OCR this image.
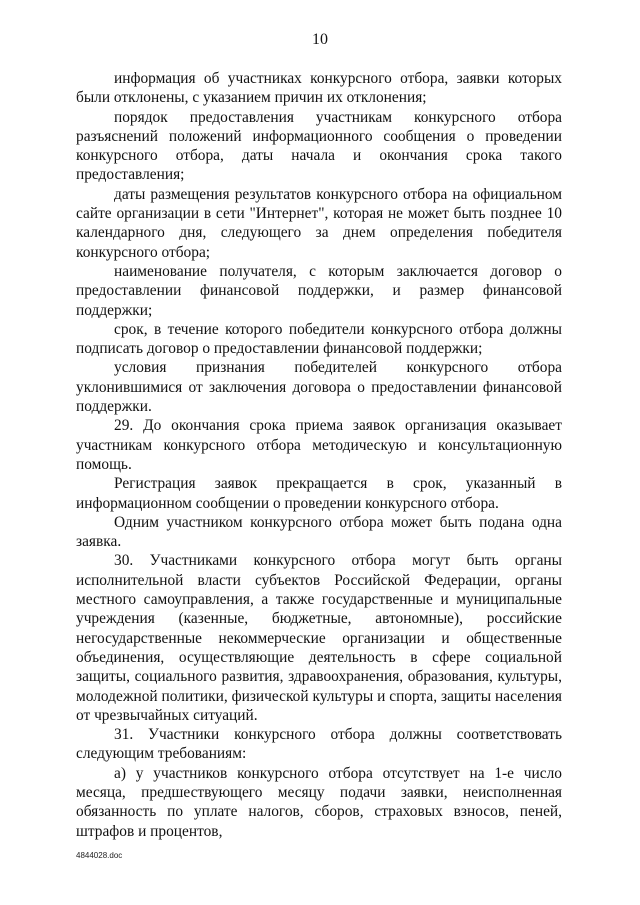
10

информация об участниках конкурсного отбора, заявки которых были отклонены, с указанием причин их отклонения;

порядок предоставления участникам конкурсного отбора разъяснений положений информационного сообщения о проведении конкурсного отбора, даты начала и окончания срока такого предоставления;

даты размещения результатов конкурсного отбора на официальном сайте организации в сети "Интернет", которая не может быть позднее 10 календарного дня, следующего за днем определения победителя конкурсного отбора;

наименование получателя, с которым заключается договор о предоставлении финансовой поддержки, и размер финансовой поддержки;

срок, в течение которого победители конкурсного отбора должны подписать договор о предоставлении финансовой поддержки;

условия признания победителей конкурсного отбора уклонившимися от заключения договора о предоставлении финансовой поддержки.

29. До окончания срока приема заявок организация оказывает участникам конкурсного отбора методическую и консультационную помощь.

Регистрация заявок прекращается в срок, указанный в информационном сообщении о проведении конкурсного отбора.

Одним участником конкурсного отбора может быть подана одна заявка.

30. Участниками конкурсного отбора могут быть органы исполнительной власти субъектов Российской Федерации, органы местного самоуправления, а также государственные и муниципальные учреждения (казенные, бюджетные, автономные), российские негосударственные некоммерческие организации и общественные объединения, осуществляющие деятельность в сфере социальной защиты, социального развития, здравоохранения, образования, культуры, молодежной политики, физической культуры и спорта, защиты населения от чрезвычайных ситуаций.

31. Участники конкурсного отбора должны соответствовать следующим требованиям:

а) у участников конкурсного отбора отсутствует на 1-е число месяца, предшествующего месяцу подачи заявки, неисполненная обязанность по уплате налогов, сборов, страховых взносов, пеней, штрафов и процентов,

4844028.doc
